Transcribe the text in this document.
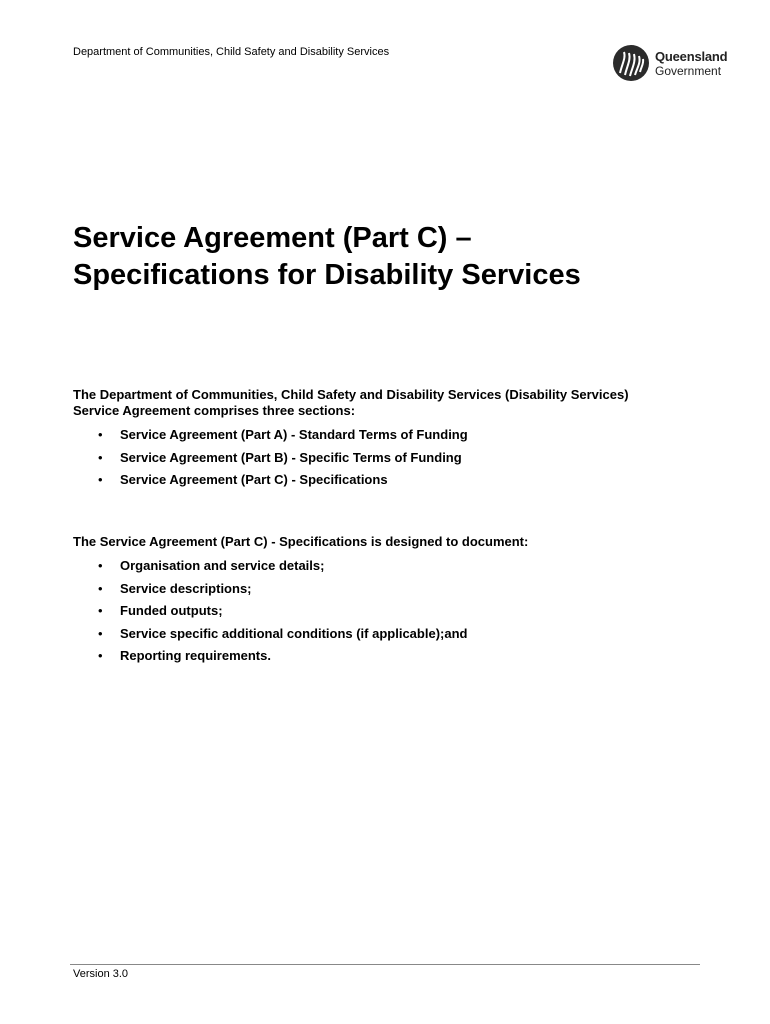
Department of Communities, Child Safety and Disability Services	Queensland
Government
Service Agreement (Part C) –
Specifications for Disability Services

The Department of Communities, Child Safety and Disability Services (Disability Services)
Service Agreement comprises three sections:

• Service Agreement (Part A) - Standard Terms of Funding
• Service Agreement (Part B) - Specific Terms of Funding
• Service Agreement (Part C) - Specifications

The Service Agreement (Part C) - Specifications is designed to document:

• Organisation and service details;
• Service descriptions;
• Funded outputs;
• Service specific additional conditions (if applicable);and
• Reporting requirements.
Version 3.0
